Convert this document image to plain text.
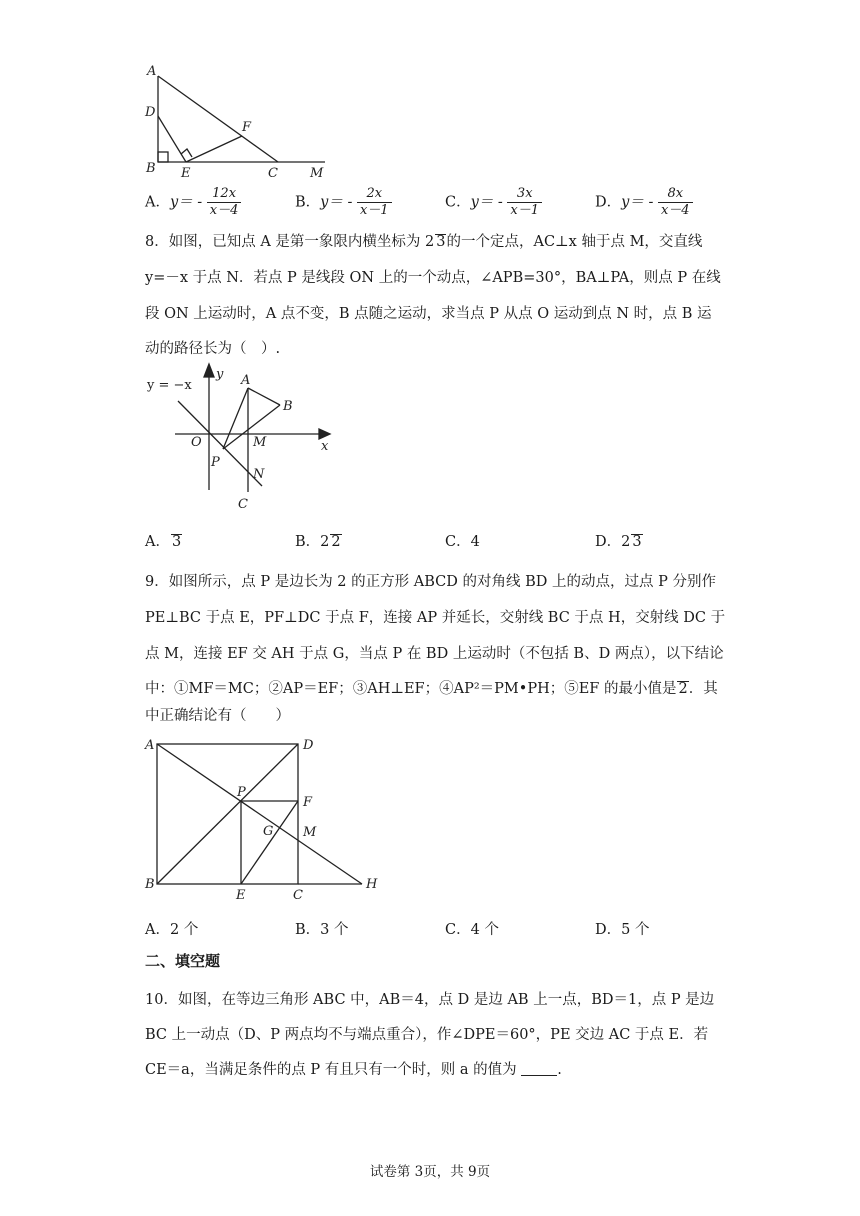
A
D
F
B E	C M
A．$y= - \frac{12x}{x-4}$	B．$y= - \frac{2x}{x-1}$	C．$y= - \frac{3x}{x-1}$	D．$y= - \frac{8x}{x-4}$
8．如图，已知点 A 是第一象限内横坐标为 2 3的一个定点，AC⊥x 轴于点 M，交直线
y=－x 于点 N．若点 P 是线段 ON 上的一个动点，∠APB=30°，BA⊥PA，则点 P 在线
段 ON 上运动时，A 点不变，B 点随之运动，求当点 P 从点 O 运动到点 N 时，点 B 运
动的路径长为（　）.
y = −x
y A
B
O	M	x
P
N
C
A． 3	B．2 2	C．4	D．2 3
9．如图所示，点 P 是边长为 2 的正方形 ABCD 的对角线 BD 上的动点，过点 P 分别作
PE⊥BC 于点 E，PF⊥DC 于点 F，连接 AP 并延长，交射线 BC 于点 H，交射线 DC 于
点 M，连接 EF 交 AH 于点 G，当点 P 在 BD 上运动时（不包括 B、D 两点），以下结论
中：①MF＝MC；②AP＝EF；③AH⊥EF；④AP²＝PM•PH；⑤EF 的最小值是 2．其
中正确结论有（　　）
A	D
P
F
G M
B
E	C
H
A．2 个	B．3 个	C．4 个	D．5 个
二、填空题
10．如图，在等边三角形 ABC 中，AB＝4，点 D 是边 AB 上一点，BD＝1，点 P 是边
BC 上一动点（D、P 两点均不与端点重合），作∠DPE＝60°，PE 交边 AC 于点 E．若
CE＝a，当满足条件的点 P 有且只有一个时，则 a 的值为	.
试卷第 3页，共 9页
